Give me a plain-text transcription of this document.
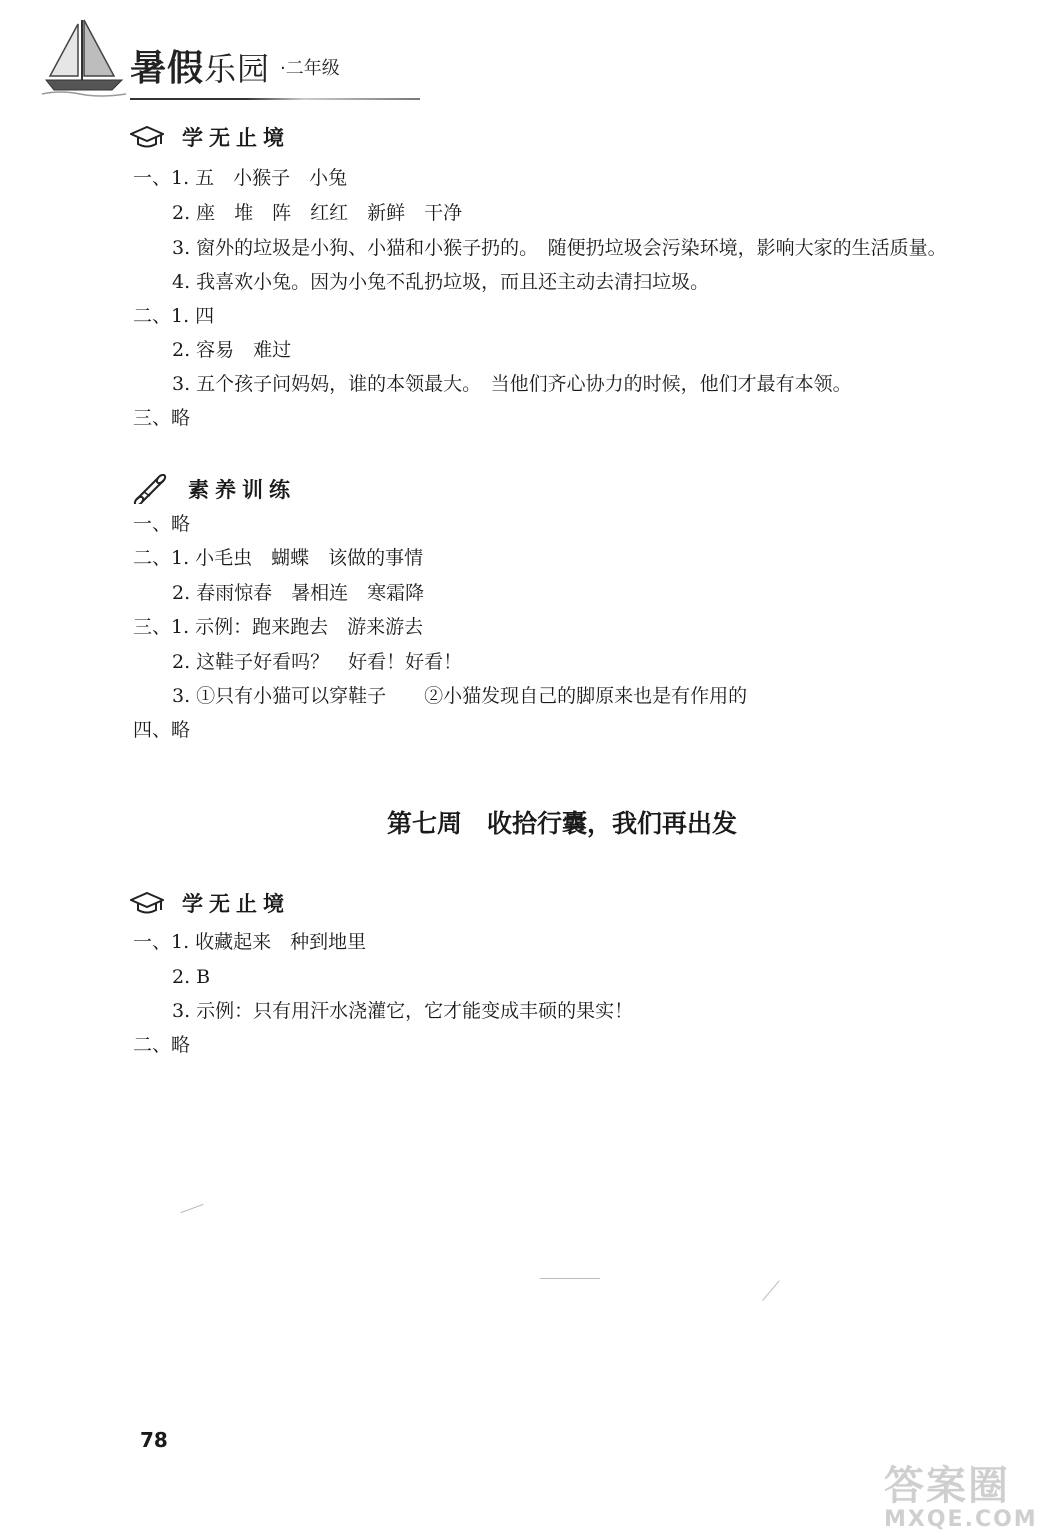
暑假乐园 ·二年级
学无止境
一、1. 五　小猴子　小兔
2. 座　堆　阵　红红　新鲜　干净
3. 窗外的垃圾是小狗、小猫和小猴子扔的。　随便扔垃圾会污染环境，影响大家的生活质量。
4. 我喜欢小兔。因为小兔不乱扔垃圾，而且还主动去清扫垃圾。
二、1. 四
2. 容易　难过
3. 五个孩子问妈妈，谁的本领最大。　当他们齐心协力的时候，他们才最有本领。
三、略
素养训练
一、略
二、1. 小毛虫　蝴蝶　该做的事情
2. 春雨惊春　暑相连　寒霜降
三、1. 示例：跑来跑去　游来游去
2. 这鞋子好看吗？　好看！好看！
3. ①只有小猫可以穿鞋子　　②小猫发现自己的脚原来也是有作用的
四、略
第七周　收拾行囊，我们再出发
学无止境
一、1. 收藏起来　种到地里
2. B
3. 示例：只有用汗水浇灌它，它才能变成丰硕的果实！
二、略
78
答案圈
MXQE.COM
